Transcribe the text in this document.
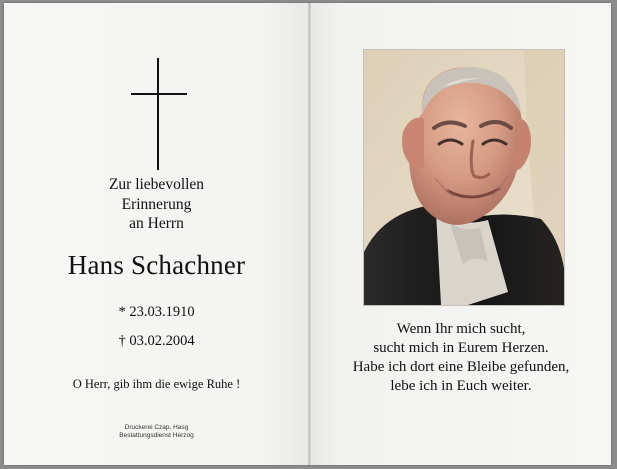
Zur liebevollen
Erinnerung
an Herrn
Hans Schachner
* 23.03.1910
† 03.02.2004
O Herr, gib ihm die ewige Ruhe !
Druckerei Czap, Hasg
Bestattungsdienst Herzog
Wenn Ihr mich sucht,
sucht mich in Eurem Herzen.
Habe ich dort eine Bleibe gefunden,
lebe ich in Euch weiter.
